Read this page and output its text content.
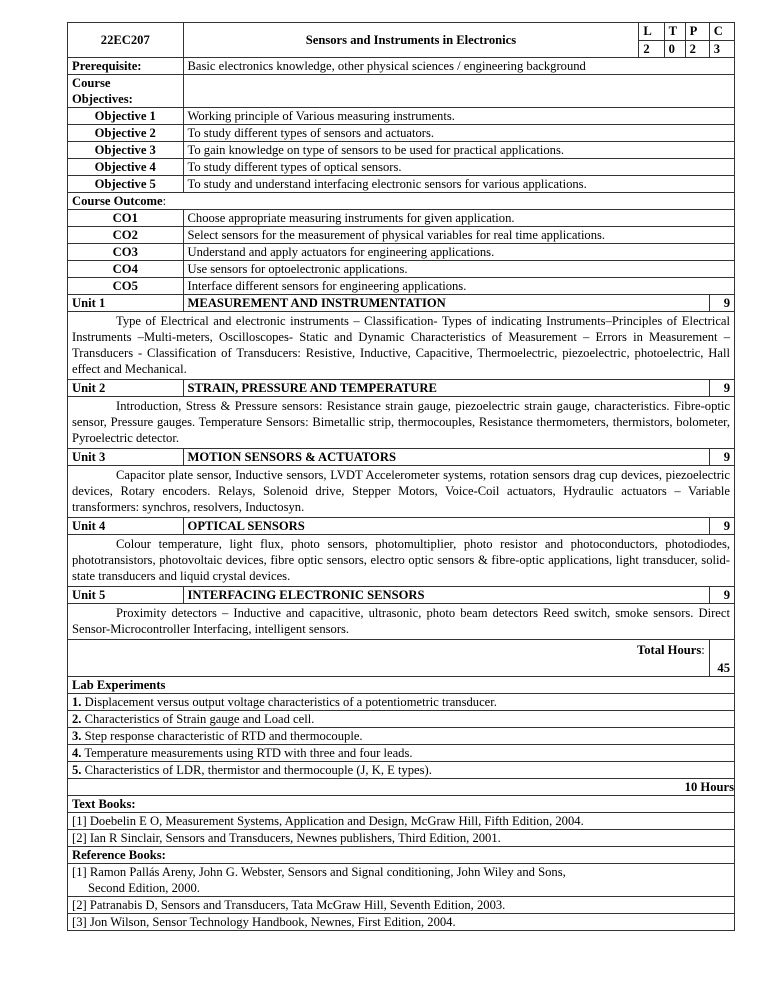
22EC207	Sensors and Instruments in Electronics	L	T	P	C
		2	0	2	3
Prerequisite:	Basic electronics knowledge, other physical sciences / engineering background				

Course
Objectives:					

Objective 1	Working principle of Various measuring instruments.				
Objective 2	To study different types of sensors and actuators.				
Objective 3	To gain knowledge on type of sensors to be used for practical applications.				
Objective 4	To study different types of optical sensors.				
Objective 5	To study and understand interfacing electronic sensors for various applications.				
Course Outcome:					
CO1	Choose appropriate measuring instruments for given application.				
CO2	Select sensors for the measurement of physical variables for real time applications.				
CO3	Understand and apply actuators for engineering applications.				
CO4	Use sensors for optoelectronic applications.				
CO5	Interface different sensors for engineering applications.				
Unit 1	MEASUREMENT AND INSTRUMENTATION				9
Type of Electrical and electronic instruments – Classification- Types of indicating Instruments–Principles of Electrical Instruments –Multi-meters, Oscilloscopes- Static and Dynamic Characteristics of Measurement – Errors in Measurement – Transducers - Classification of Transducers: Resistive, Inductive, Capacitive, Thermoelectric, piezoelectric, photoelectric, Hall effect and Mechanical.					
Unit 2	STRAIN, PRESSURE AND TEMPERATURE				9
Introduction, Stress & Pressure sensors: Resistance strain gauge, piezoelectric strain gauge, characteristics. Fibre-optic sensor, Pressure gauges. Temperature Sensors: Bimetallic strip, thermocouples, Resistance thermometers, thermistors, bolometer, Pyroelectric detector.					
Unit 3	MOTION SENSORS & ACTUATORS				9
Capacitor plate sensor, Inductive sensors, LVDT Accelerometer systems, rotation sensors drag cup devices, piezoelectric devices, Rotary encoders. Relays, Solenoid drive, Stepper Motors, Voice-Coil actuators, Hydraulic actuators – Variable transformers: synchros, resolvers, Inductosyn.					
Unit 4	OPTICAL SENSORS				9
Colour temperature, light flux, photo sensors, photomultiplier, photo resistor and photoconductors, photodiodes, phototransistors, photovoltaic devices, fibre optic sensors, electro optic sensors & fibre-optic applications, light transducer, solid-state transducers and liquid crystal devices.					
Unit 5	INTERFACING ELECTRONIC SENSORS				9
Proximity detectors – Inductive and capacitive, ultrasonic, photo beam detectors Reed switch, smoke sensors. Direct Sensor-Microcontroller Interfacing, intelligent sensors.					
Total Hours:					45
Lab Experiments					
1. Displacement versus output voltage characteristics of a potentiometric transducer.					
2. Characteristics of Strain gauge and Load cell.					
3. Step response characteristic of RTD and thermocouple.					
4. Temperature measurements using RTD with three and four leads.					
5. Characteristics of LDR, thermistor and thermocouple (J, K, E types).					
10 Hours					
Text Books:					
[1] Doebelin E O, Measurement Systems, Application and Design, McGraw Hill, Fifth Edition, 2004.					
[2] Ian R Sinclair, Sensors and Transducers, Newnes publishers, Third Edition, 2001.					
Reference Books:					

[1] Ramon Pallás Areny, John G. Webster, Sensors and Signal conditioning, John Wiley and Sons,
Second Edition, 2000.					

[2] Patranabis D, Sensors and Transducers, Tata McGraw Hill, Seventh Edition, 2003.					
[3] Jon Wilson, Sensor Technology Handbook, Newnes, First Edition, 2004.					
